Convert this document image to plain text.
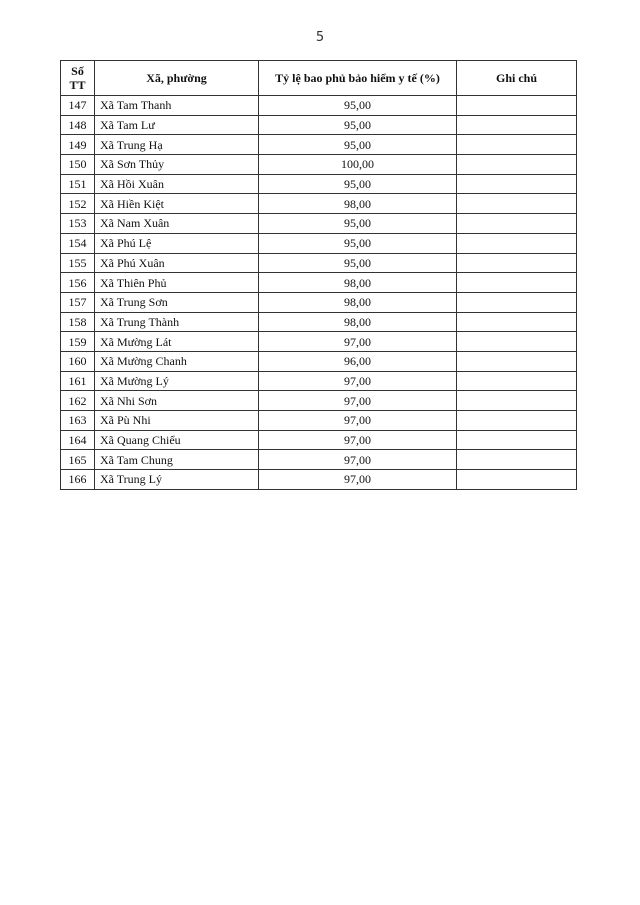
5
Số
TT	Xã, phường	Tỷ lệ bao phủ bảo hiểm y tế (%)	Ghi chú
147	Xã Tam Thanh	95,00	
148	Xã Tam Lư	95,00	
149	Xã Trung Hạ	95,00	
150	Xã Sơn Thủy	100,00	
151	Xã Hồi Xuân	95,00	
152	Xã Hiền Kiệt	98,00	
153	Xã Nam Xuân	95,00	
154	Xã Phú Lệ	95,00	
155	Xã Phú Xuân	95,00	
156	Xã Thiên Phủ	98,00	
157	Xã Trung Sơn	98,00	
158	Xã Trung Thành	98,00	
159	Xã Mường Lát	97,00	
160	Xã Mường Chanh	96,00	
161	Xã Mường Lý	97,00	
162	Xã Nhi Sơn	97,00	
163	Xã Pù Nhi	97,00	
164	Xã Quang Chiểu	97,00	
165	Xã Tam Chung	97,00	
166	Xã Trung Lý	97,00	
